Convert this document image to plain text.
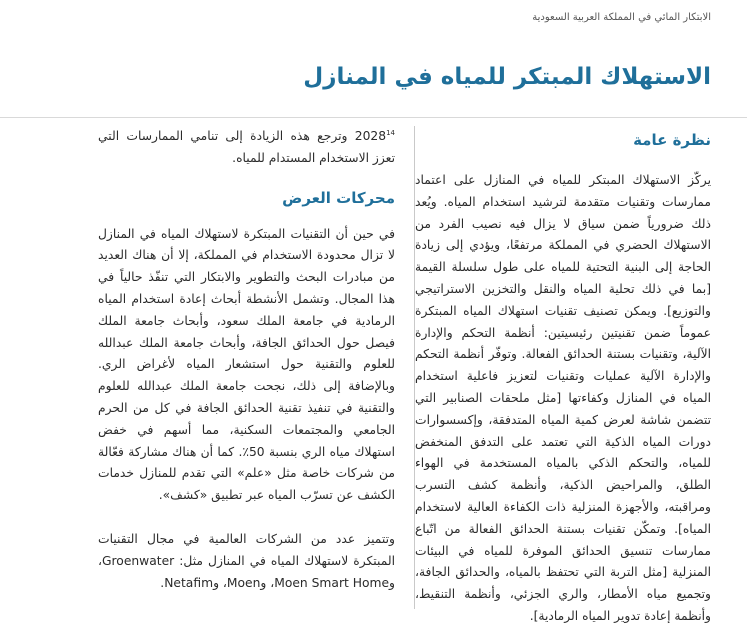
الابتكار المائي في المملكة العربية السعودية
الاستهلاك المبتكر للمياه في المنازل
نظرة عامة

يركّز الاستهلاك المبتكر للمياه في المنازل على اعتماد ممارسات وتقنيات متقدمة لترشيد استخدام المياه. ويُعد ذلك ضرورياً ضمن سياق لا يزال فيه نصيب الفرد من الاستهلاك الحضري في المملكة مرتفعًا، ويؤدي إلى زيادة الحاجة إلى البنية التحتية للمياه على طول سلسلة القيمة [بما في ذلك تحلية المياه والنقل والتخزين الاستراتيجي والتوزيع]. ويمكن تصنيف تقنيات استهلاك المياه المبتكرة عموماً ضمن تقنيتين رئيسيتين: أنظمة التحكم والإدارة الآلية، وتقنيات بستنة الحدائق الفعالة. وتوفّر أنظمة التحكم والإدارة الآلية عمليات وتقنيات لتعزيز فاعلية استخدام المياه في المنازل وكفاءتها [مثل ملحقات الصنابير التي تتضمن شاشة لعرض كمية المياه المتدفقة، وإكسسوارات دورات المياه الذكية التي تعتمد على التدفق المنخفض للمياه، والتحكم الذكي بالمياه المستخدمة في الهواء الطلق، والمراحيض الذكية، وأنظمة كشف التسرب ومراقبته، والأجهزة المنزلية ذات الكفاءة العالية لاستخدام المياه]. وتمكّن تقنيات بستنة الحدائق الفعالة من اتّباع ممارسات تنسيق الحدائق الموفرة للمياه في البيئات المنزلية [مثل التربة التي تحتفظ بالمياه، والحدائق الجافة، وتجميع مياه الأمطار، والري الجزئي، وأنظمة التنقيط، وأنظمة إعادة تدوير المياه الرمادية].

2028$^{14}$ وترجع هذه الزيادة إلى تنامي الممارسات التي تعزز الاستخدام المستدام للمياه.

محركات العرض

في حين أن التقنيات المبتكرة لاستهلاك المياه في المنازل لا تزال محدودة الاستخدام في المملكة، إلا أن هناك العديد من مبادرات البحث والتطوير والابتكار التي تنفّذ حالياً في هذا المجال. وتشمل الأنشطة أبحاث إعادة استخدام المياه الرمادية في جامعة الملك سعود، وأبحاث جامعة الملك فيصل حول الحدائق الجافة، وأبحاث جامعة الملك عبدالله للعلوم والتقنية حول استشعار المياه لأغراض الري. وبالإضافة إلى ذلك، نجحت جامعة الملك عبدالله للعلوم والتقنية في تنفيذ تقنية الحدائق الجافة في كل من الحرم الجامعي والمجتمعات السكنية، مما أسهم في خفض استهلاك مياه الري بنسبة 50٪. كما أن هناك مشاركة فعّالة من شركات خاصة مثل «علم» التي تقدم للمنازل خدمات الكشف عن تسرّب المياه عبر تطبيق «كشف».

وتتميز عدد من الشركات العالمية في مجال التقنيات المبتكرة لاستهلاك المياه في المنازل مثل: Groenwater، وMoen Smart Home، وMoen، وNetafim.
